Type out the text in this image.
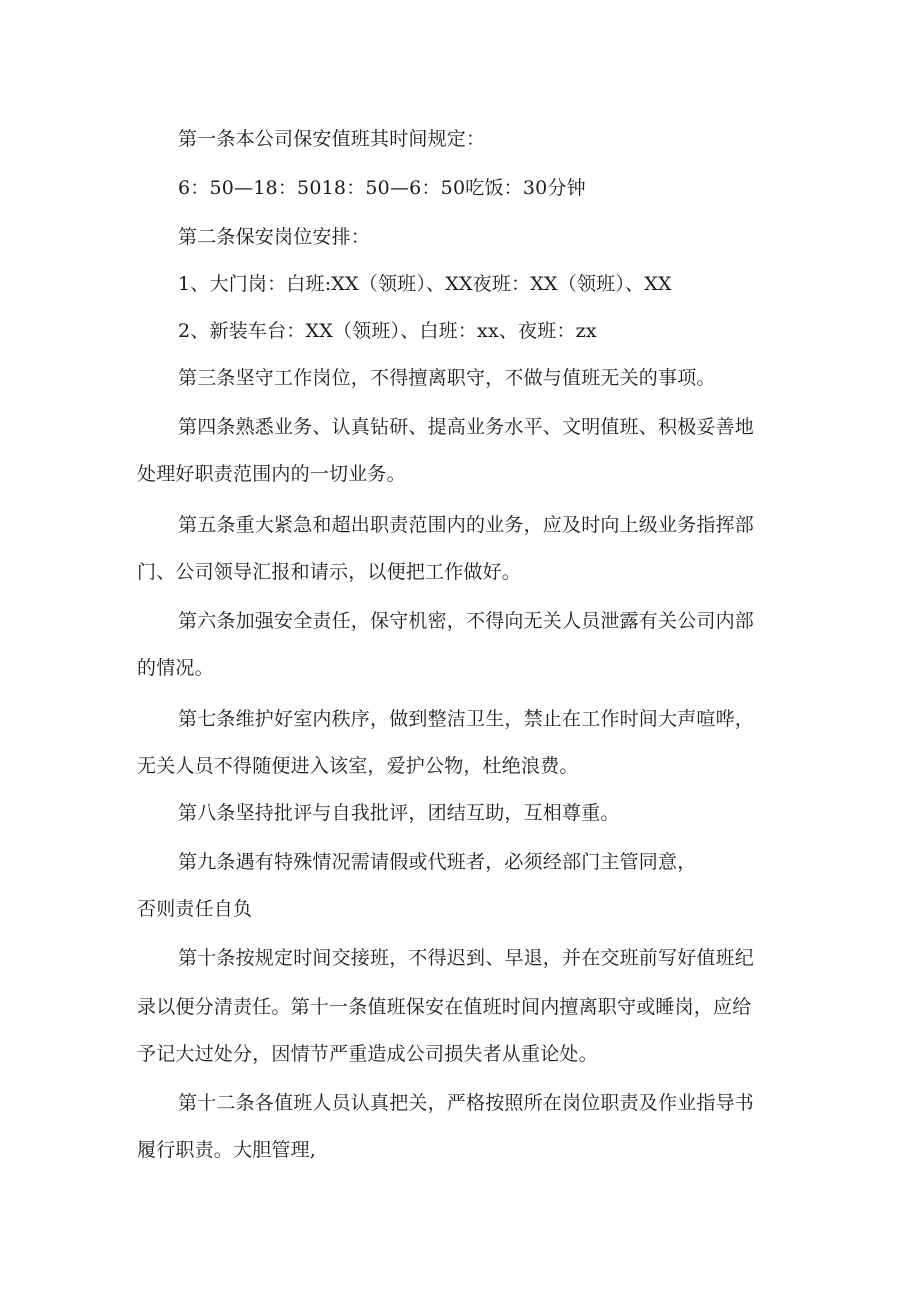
第一条本公司保安值班其时间规定：
6：50—18：5018：50—6：50吃饭：30分钟
第二条保安岗位安排：
1、大门岗：白班:XX（领班）、XX夜班：XX（领班）、XX
2、新装车台：XX（领班）、白班：xx、夜班：zx
第三条坚守工作岗位，不得擅离职守，不做与值班无关的事项。
第四条熟悉业务、认真钻研、提高业务水平、文明值班、积极妥善地
处理好职责范围内的一切业务。
第五条重大紧急和超出职责范围内的业务，应及时向上级业务指挥部
门、公司领导汇报和请示，以便把工作做好。
第六条加强安全责任，保守机密，不得向无关人员泄露有关公司内部
的情况。
第七条维护好室内秩序，做到整洁卫生，禁止在工作时间大声喧哗，
无关人员不得随便进入该室，爱护公物，杜绝浪费。
第八条坚持批评与自我批评，团结互助，互相尊重。
第九条遇有特殊情况需请假或代班者，必须经部门主管同意，
否则责任自负
第十条按规定时间交接班，不得迟到、早退，并在交班前写好值班纪
录以便分清责任。第十一条值班保安在值班时间内擅离职守或睡岗，应给
予记大过处分，因情节严重造成公司损失者从重论处。
第十二条各值班人员认真把关，严格按照所在岗位职责及作业指导书
履行职责。大胆管理,
